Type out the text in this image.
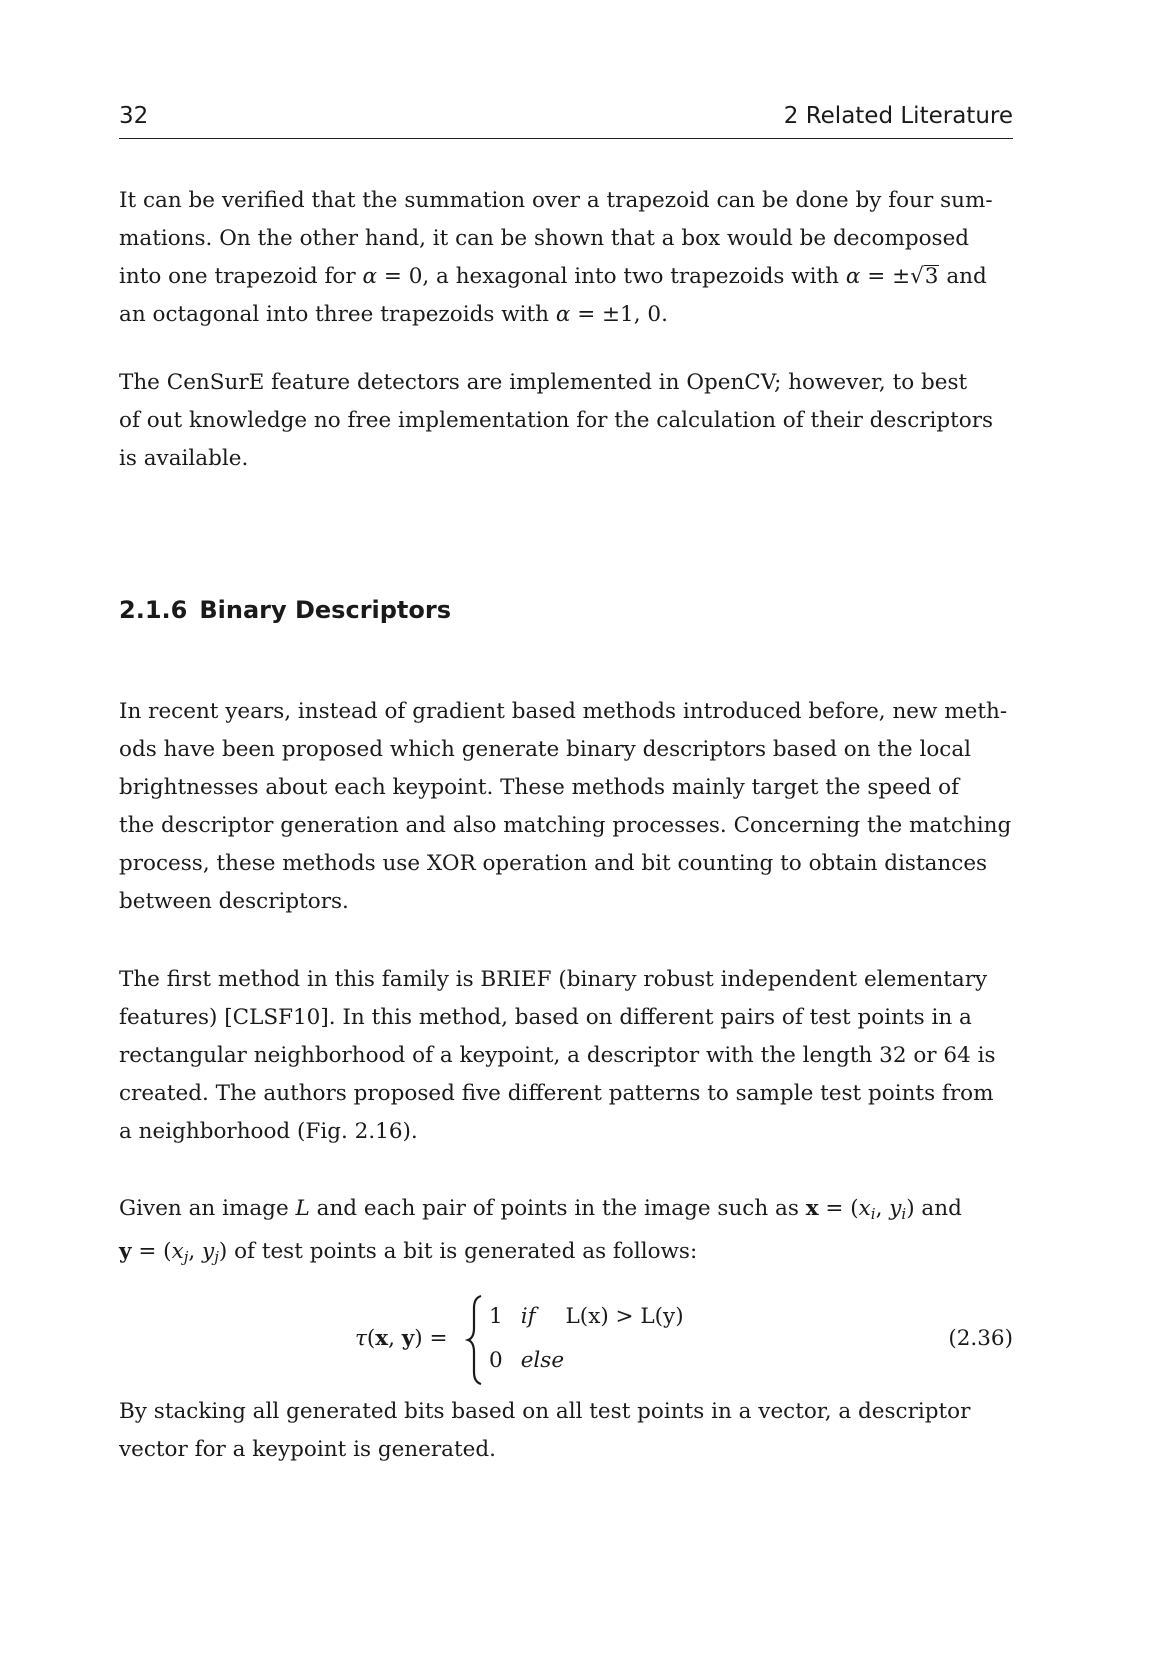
32	2 Related Literature
It can be verified that the summation over a trapezoid can be done by four sum-
mations. On the other hand, it can be shown that a box would be decomposed
into one trapezoid for α = 0, a hexagonal into two trapezoids with α = ±√3 and
an octagonal into three trapezoids with α = ±1, 0.
The CenSurE feature detectors are implemented in OpenCV; however, to best
of out knowledge no free implementation for the calculation of their descriptors
is available.
2.1.6 Binary Descriptors
In recent years, instead of gradient based methods introduced before, new meth-
ods have been proposed which generate binary descriptors based on the local
brightnesses about each keypoint. These methods mainly target the speed of
the descriptor generation and also matching processes. Concerning the matching
process, these methods use XOR operation and bit counting to obtain distances
between descriptors.
The first method in this family is BRIEF (binary robust independent elementary
features) [CLSF10]. In this method, based on different pairs of test points in a
rectangular neighborhood of a keypoint, a descriptor with the length 32 or 64 is
created. The authors proposed five different patterns to sample test points from
a neighborhood (Fig. 2.16).
Given an image L and each pair of points in the image such as $x = (x_i$, $y_i$) and
$y = (x_j$, $y_j$) of test points a bit is generated as follows:
τ(x, y) =
1 if L(x) > L(y)
0 else
(2.36)
By stacking all generated bits based on all test points in a vector, a descriptor
vector for a keypoint is generated.
